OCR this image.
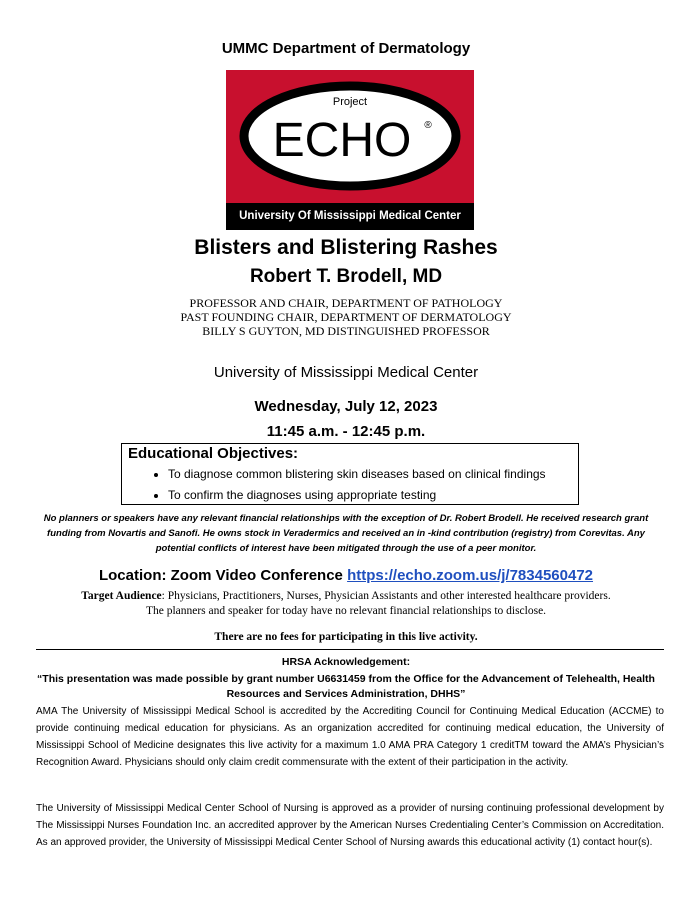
UMMC Department of Dermatology
Project
ECHO ®
University Of Mississippi Medical Center
Blisters and Blistering Rashes
Robert T. Brodell, MD
PROFESSOR AND CHAIR, DEPARTMENT OF PATHOLOGY
PAST FOUNDING CHAIR, DEPARTMENT OF DERMATOLOGY
BILLY S GUYTON, MD DISTINGUISHED PROFESSOR
University of Mississippi Medical Center
Wednesday, July 12, 2023
11:45 a.m. - 12:45 p.m.
Educational Objectives:
• To diagnose common blistering skin diseases based on clinical findings
• To confirm the diagnoses using appropriate testing
No planners or speakers have any relevant financial relationships with the exception of Dr. Robert Brodell. He received research grant funding from Novartis and Sanofi. He owns stock in Veradermics and received an in -kind contribution (registry) from Corevitas. Any potential conflicts of interest have been mitigated through the use of a peer monitor.
Location: Zoom Video Conference https://echo.zoom.us/j/7834560472
Target Audience: Physicians, Practitioners, Nurses, Physician Assistants and other interested healthcare providers.
The planners and speaker for today have no relevant financial relationships to disclose.
There are no fees for participating in this live activity.
HRSA Acknowledgement:
“This presentation was made possible by grant number U6631459 from the Office for the Advancement of Telehealth, Health Resources and Services Administration, DHHS”
AMA The University of Mississippi Medical School is accredited by the Accrediting Council for Continuing Medical Education (ACCME) to provide continuing medical education for physicians. As an organization accredited for continuing medical education, the University of Mississippi School of Medicine designates this live activity for a maximum 1.0 AMA PRA Category 1 creditTM toward the AMA’s Physician’s Recognition Award. Physicians should only claim credit commensurate with the extent of their participation in the activity.
The University of Mississippi Medical Center School of Nursing is approved as a provider of nursing continuing professional development by The Mississippi Nurses Foundation Inc. an accredited approver by the American Nurses Credentialing Center’s Commission on Accreditation. As an approved provider, the University of Mississippi Medical Center School of Nursing awards this educational activity (1) contact hour(s).
